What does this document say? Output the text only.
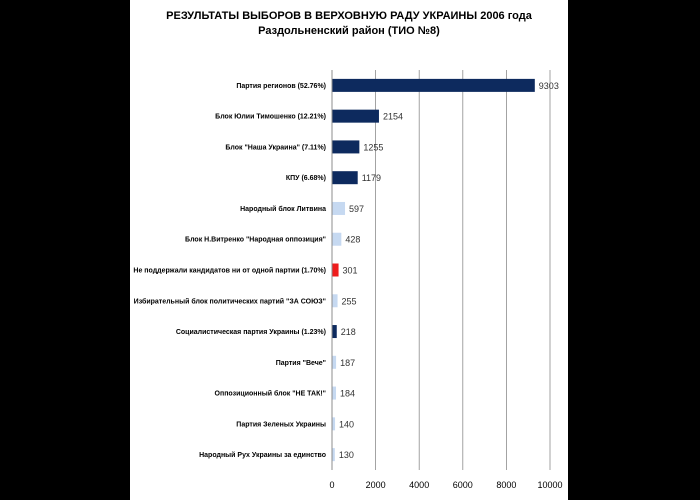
РЕЗУЛЬТАТЫ ВЫБОРОВ В ВЕРХОВНУЮ РАДУ УКРАИНЫ 2006 года
Раздольненский район (ТИО №8)
Партия регионов (52.76%)
Блок Юлии Тимошенко (12.21%)
Блок "Наша Украина" (7.11%)
КПУ (6.68%)
Народный блок Литвина
Блок Н.Витренко "Народная оппозиция"
Не поддержали кандидатов ни от одной партии (1.70%)
Избирательный блок политических партий "ЗА СОЮЗ"
Социалистическая партия Украины (1.23%)
Партия "Вече"
Оппозиционный блок "НЕ ТАК!"
Партия Зеленых Украины
Народный Рух Украины за единство
9303
2154
1255
1179
597
428
301
255
218
187
184
140
130
0	2000	4000	6000	8000 10000
